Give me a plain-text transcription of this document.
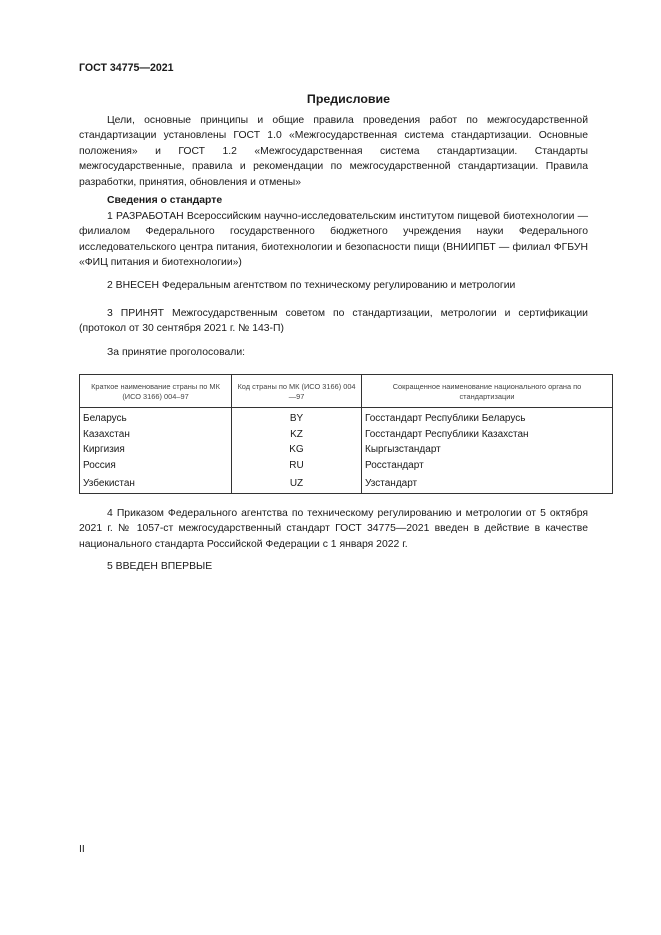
ГОСТ 34775—2021
Предисловие

Цели, основные принципы и общие правила проведения работ по межгосударственной стандартизации установлены ГОСТ 1.0 «Межгосударственная система стандартизации. Основные положения» и ГОСТ 1.2 «Межгосударственная система стандартизации. Стандарты межгосударственные, правила и рекомендации по межгосударственной стандартизации. Правила разработки, принятия, обновления и отмены»

Сведения о стандарте

1 РАЗРАБОТАН Всероссийским научно-исследовательским институтом пищевой биотехнологии — филиалом Федерального государственного бюджетного учреждения науки Федерального исследовательского центра питания, биотехнологии и безопасности пищи (ВНИИПБТ — филиал ФГБУН «ФИЦ питания и биотехнологии»)

2 ВНЕСЕН Федеральным агентством по техническому регулированию и метрологии

3 ПРИНЯТ Межгосударственным советом по стандартизации, метрологии и сертификации (протокол от 30 сентября 2021 г. № 143-П)

За принятие проголосовали:
Краткое наименование страны по МК (ИСО 3166) 004‒97	Код страны по МК (ИСО 3166) 004—97	Сокращенное наименование национального органа по стандартизации
Беларусь	BY	Госстандарт Республики Беларусь
Казахстан	KZ	Госстандарт Республики Казахстан
Киргизия	KG	Кыргызстандарт
Россия	RU	Росстандарт
Узбекистан	UZ	Узстандарт

4 Приказом Федерального агентства по техническому регулированию и метрологии от 5 октября 2021 г. № 1057-ст межгосударственный стандарт ГОСТ 34775—2021 введен в действие в качестве национального стандарта Российской Федерации с 1 января 2022 г.

5 ВВЕДЕН ВПЕРВЫЕ

II
